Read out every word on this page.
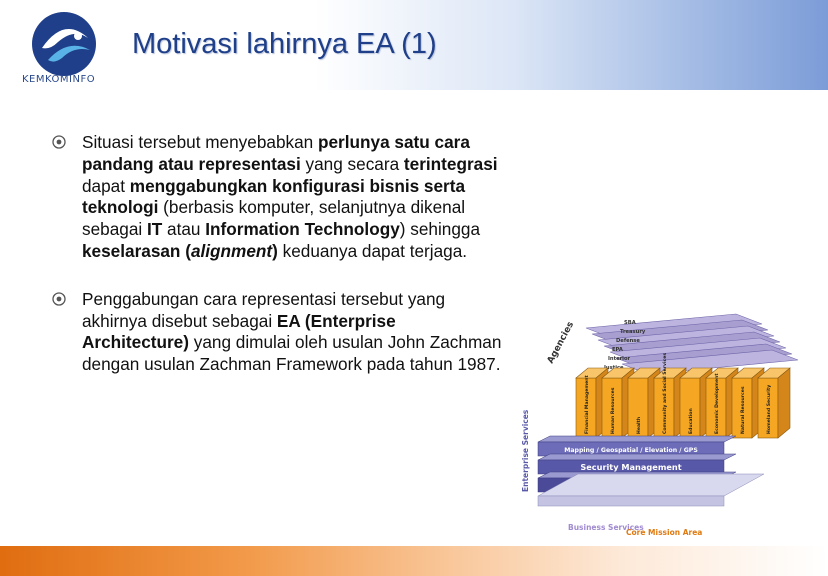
KEMKOMINFO
Motivasi lahirnya EA (1)
Situasi tersebut menyebabkan perlunya satu cara pandang atau representasi yang secara terintegrasi dapat menggabungkan konfigurasi bisnis serta teknologi (berbasis komputer, selanjutnya dikenal sebagai IT atau Information Technology) sehingga keselarasan (alignment) keduanya dapat terjaga.
Penggabungan cara representasi tersebut yang akhirnya disebut sebagai EA (Enterprise Architecture) yang dimulai oleh usulan John Zachman dengan usulan Zachman Framework pada tahun 1987.
SBA
Treasury
Defense
EPA
Interior
Agencies
Financial Management	Human Resources	Health	Community and Social Services	Education	Economic Development	Natural Resources	Homeland Security
Mapping / Geospatial / Elevation / GPS
Security Management
Enterprise Services
Business Services
Core Mission Area
